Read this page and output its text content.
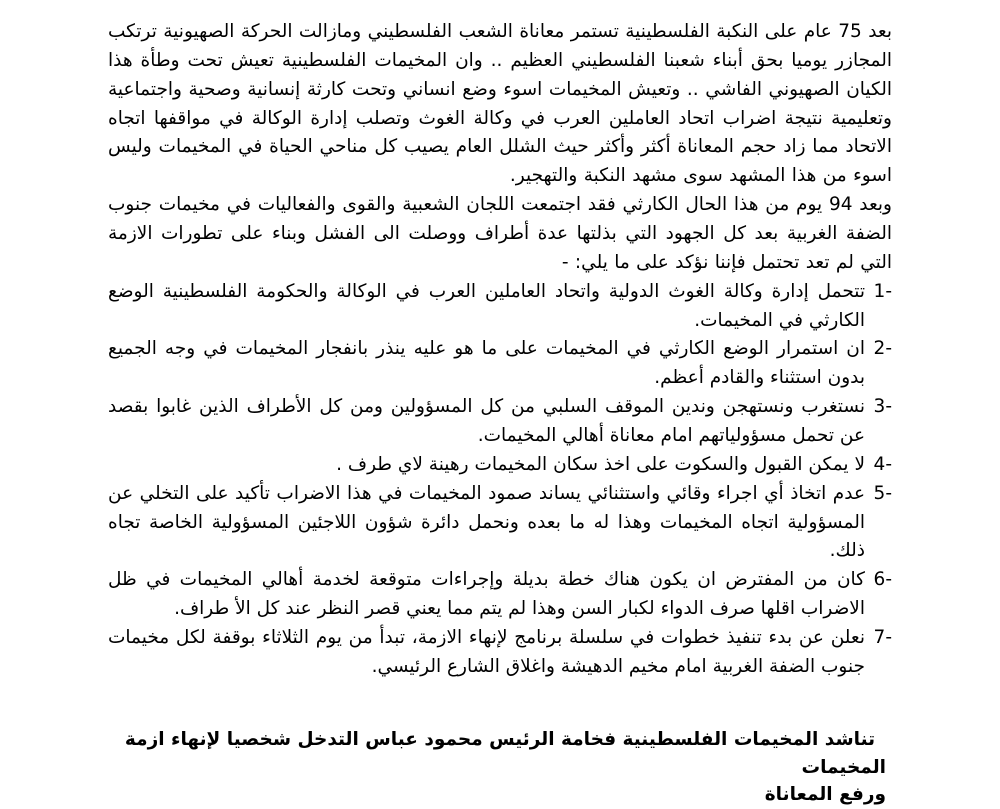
بعد 75 عام على النكبة الفلسطينية تستمر معاناة الشعب الفلسطيني ومازالت الحركة الصهيونية ترتكب المجازر يوميا بحق أبناء شعبنا الفلسطيني العظيم .. وان المخيمات الفلسطينية تعيش تحت وطأة هذا الكيان الصهيوني الفاشي .. وتعيش المخيمات اسوء وضع انساني وتحت كارثة إنسانية وصحية واجتماعية وتعليمية نتيجة اضراب اتحاد العاملين العرب في وكالة الغوث وتصلب إدارة الوكالة في مواقفها اتجاه الاتحاد مما زاد حجم المعاناة أكثر وأكثر حيث الشلل العام يصيب كل مناحي الحياة في المخيمات وليس اسوء من هذا المشهد سوى مشهد النكبة والتهجير.

وبعد 94 يوم من هذا الحال الكارثي فقد اجتمعت اللجان الشعبية والقوى والفعاليات في مخيمات جنوب الضفة الغربية بعد كل الجهود التي بذلتها عدة أطراف ووصلت الى الفشل وبناء على تطورات الازمة التي لم تعد تحتمل فإننا نؤكد على ما يلي: -

1-
تتحمل إدارة وكالة الغوث الدولية واتحاد العاملين العرب في الوكالة والحكومة الفلسطينية الوضع الكارثي في المخيمات.
2-
ان استمرار الوضع الكارثي في المخيمات على ما هو عليه ينذر بانفجار المخيمات في وجه الجميع بدون استثناء والقادم أعظم.
3-
نستغرب ونستهجن وندين الموقف السلبي من كل المسؤولين ومن كل الأطراف الذين غابوا بقصد عن تحمل مسؤولياتهم امام معاناة أهالي المخيمات.
4-
لا يمكن القبول والسكوت على اخذ سكان المخيمات رهينة لاي طرف .
5-
عدم اتخاذ أي اجراء وقائي واستثنائي يساند صمود المخيمات في هذا الاضراب تأكيد على التخلي عن المسؤولية اتجاه المخيمات وهذا له ما بعده ونحمل دائرة شؤون اللاجئين المسؤولية الخاصة تجاه ذلك.
6-
كان من المفترض ان يكون هناك خطة بديلة وإجراءات متوقعة لخدمة أهالي المخيمات في ظل الاضراب اقلها صرف الدواء لكبار السن وهذا لم يتم مما يعني قصر النظر عند كل الأ طراف.
7-
نعلن عن بدء تنفيذ خطوات في سلسلة برنامج لإنهاء الازمة، تبدأ من يوم الثلاثاء بوقفة لكل مخيمات جنوب الضفة الغربية امام مخيم الدهيشة واغلاق الشارع الرئيسي.
تناشد المخيمات الفلسطينية فخامة الرئيس محمود عباس التدخل شخصيا لإنهاء ازمة المخيمات
ورفع المعاناة
